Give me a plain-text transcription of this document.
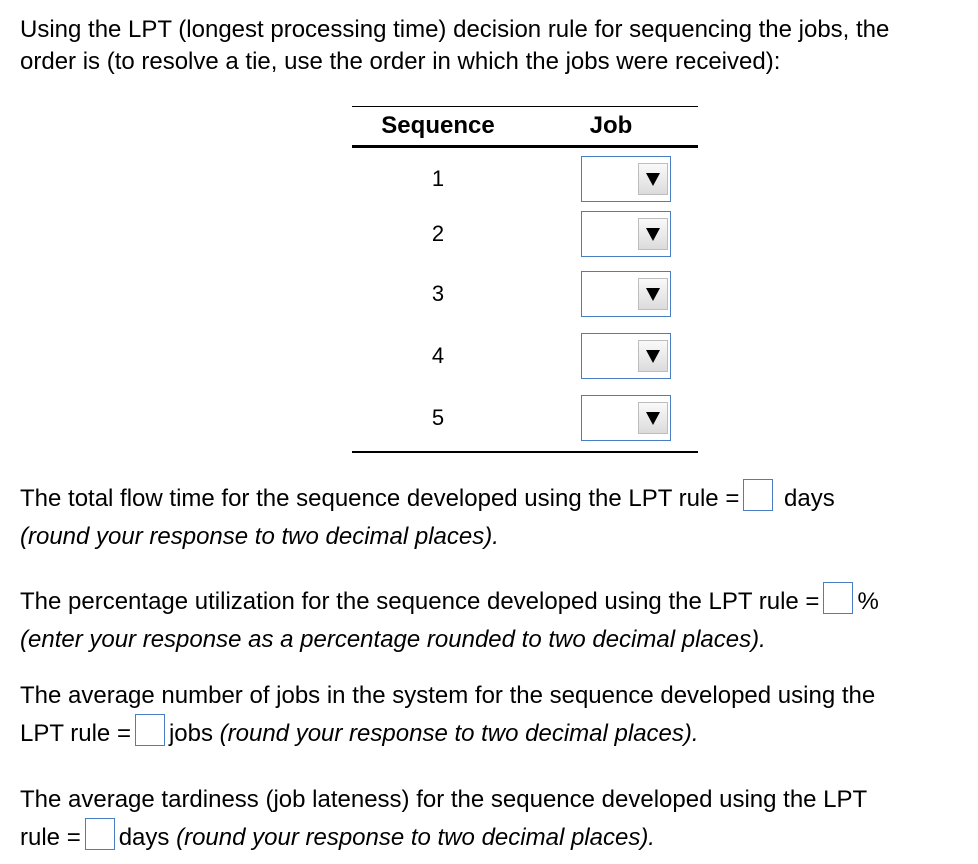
Using the LPT (longest processing time) decision rule for sequencing the jobs, the
order is (to resolve a tie, use the order in which the jobs were received):

Sequence	Job
1
2
3
4
5

The total flow time for the sequence developed using the LPT rule = days
(round your response to two decimal places).

The percentage utilization for the sequence developed using the LPT rule = %
(enter your response as a percentage rounded to two decimal places).

The average number of jobs in the system for the sequence developed using the
LPT rule = jobs (round your response to two decimal places).

The average tardiness (job lateness) for the sequence developed using the LPT
rule = days (round your response to two decimal places).
